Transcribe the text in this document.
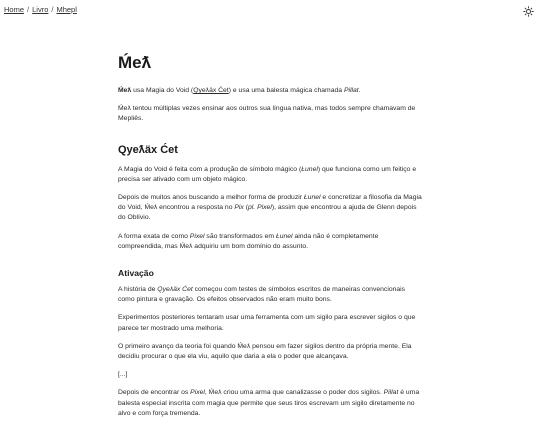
Home / Livro / Mhepl
Ḿeƛ

Ḿeƛ usa Magia do Void (Qyeƛäx Ćet) e usa uma balesta mágica chamada Pillat.

Ḿeƛ tentou múltiplas vezes ensinar aos outros sua língua nativa, mas todos sempre chamavam de Mepliês.

Qyeƛäx Ćet

A Magia do Void é feita com a produção de símbolo mágico (Łunel) que funciona como um feitiço e precisa ser ativado com um objeto mágico.

Depois de muitos anos buscando a melhor forma de produzir Łunel e concretizar a filosofia da Magia do Void, Ḿeƛ encontrou a resposta no Pix (pl. Pixel), assim que encontrou a ajuda de Glenn depois do Oblívio.

A forma exata de como Pixel são transformados em Łunel ainda não é completamente compreendida, mas Ḿeƛ adquiriu um bom domínio do assunto.

Ativação

A história de Qyeƛäx Ćet começou com testes de símbolos escritos de maneiras convencionais como pintura e gravação. Os efeitos observados não eram muito bons.

Experimentos posteriores tentaram usar uma ferramenta com um sigilo para escrever sigilos o que parece ter mostrado uma melhoria.

O primeiro avanço da teoria foi quando Ḿeƛ pensou em fazer sigilos dentro da própria mente. Ela decidiu procurar o que ela viu, aquilo que daria a ela o poder que alcançava.

[...]

Depois de encontrar os Pixel, Ḿeƛ criou uma arma que canalizasse o poder dos sigilos. Pillat é uma balesta especial inscrita com magia que permite que seus tiros escrevam um sigilo diretamente no alvo e com força tremenda.
